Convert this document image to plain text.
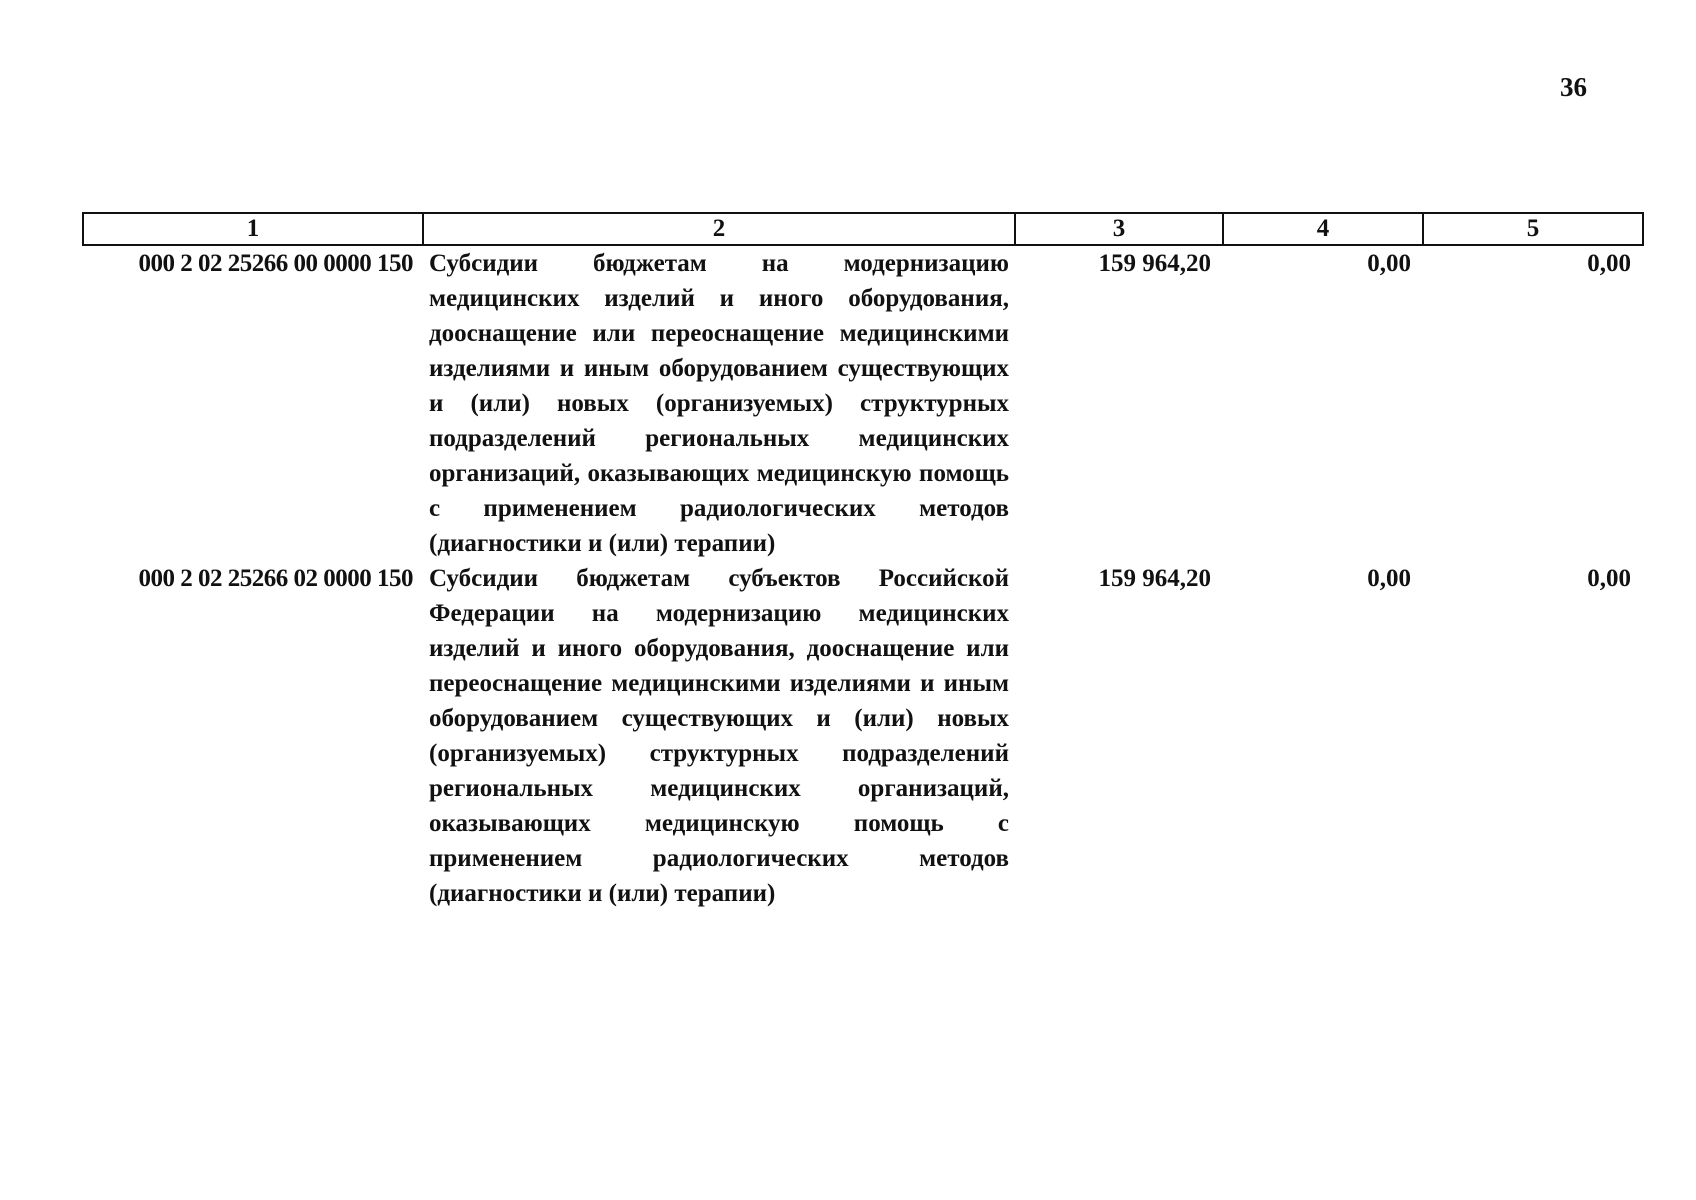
36
1	2	3	4	5
000 2 02 25266 00 0000 150	Субсидии бюджетам на модернизацию медицинских изделий и иного оборудования, дооснащение или переоснащение медицинскими изделиями и иным оборудованием существующих и (или) новых (организуемых) структурных подразделений региональных медицинских организаций, оказывающих медицинскую помощь с применением радиологических методов (диагностики и (или) терапии)	159 964,20	0,00	0,00
000 2 02 25266 02 0000 150	Субсидии бюджетам субъектов Российской Федерации на модернизацию медицинских изделий и иного оборудования, дооснащение или переоснащение медицинскими изделиями и иным оборудованием существующих и (или) новых (организуемых) структурных подразделений региональных медицинских организаций, оказывающих медицинскую помощь с применением радиологических методов (диагностики и (или) терапии)	159 964,20	0,00	0,00
